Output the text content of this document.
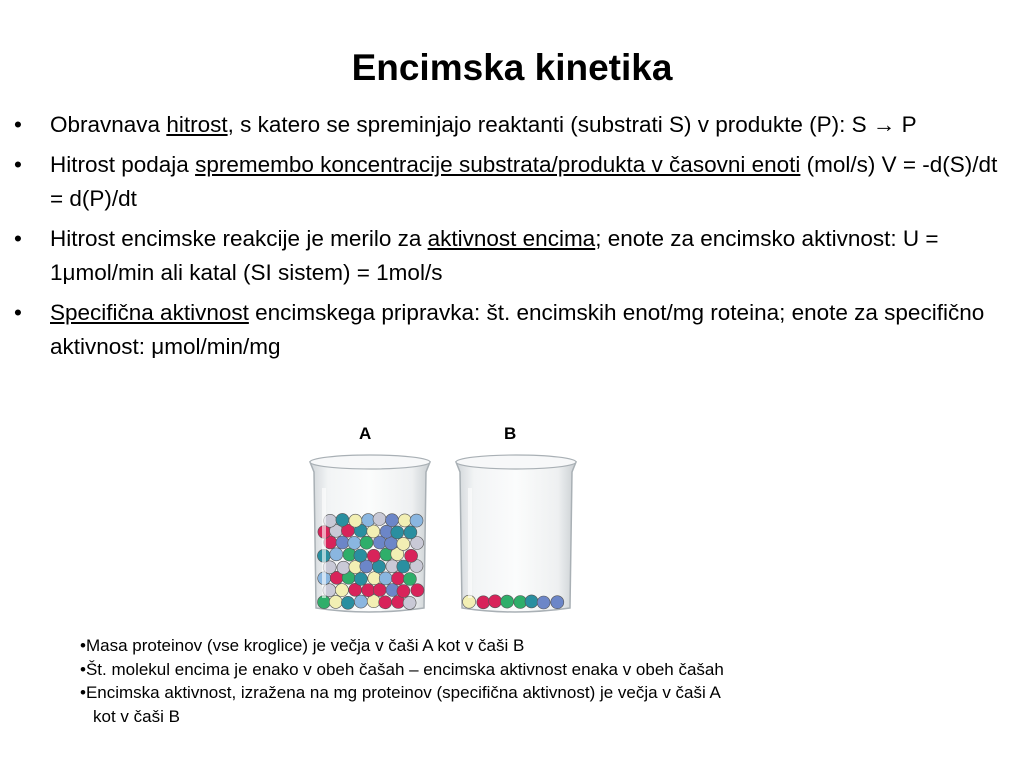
Encimska kinetika
• Obravnava hitrost, s katero se spreminjajo reaktanti (substrati S) v produkte (P): S → P
• Hitrost podaja spremembo koncentracije substrata/produkta v časovni enoti (mol/s) V = -d(S)/dt = d(P)/dt
• Hitrost encimske reakcije je merilo za aktivnost encima; enote za encimsko aktivnost: U = 1μmol/min ali katal (SI sistem) = 1mol/s
• Specifična aktivnost encimskega pripravka: št. encimskih enot/mg roteina; enote za specifično aktivnost: μmol/min/mg
A	B
•Masa proteinov (vse kroglice) je večja v čaši A kot v čaši B
•Št. molekul encima je enako v obeh čašah – encimska aktivnost enaka v obeh čašah
•Encimska aktivnost, izražena na mg proteinov (specifična aktivnost) je večja v čaši A
kot v čaši B
